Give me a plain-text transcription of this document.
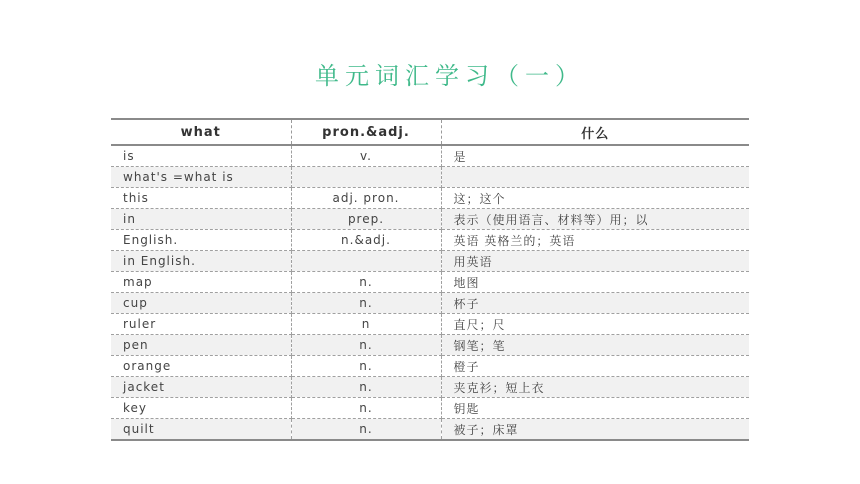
单元词汇学习（一）
what	pron.&adj.	什么
is	v.	是
what's =what is		
this	adj. pron.	这；这个
in	prep.	表示（使用语言、材料等）用；以
English.	n.&adj.	英语 英格兰的；英语
in English.		用英语
map	n.	地图
cup	n.	杯子
ruler	n	直尺；尺
pen	n.	钢笔；笔
orange	n.	橙子
jacket	n.	夹克衫；短上衣
key	n.	钥匙
quilt	n.	被子；床罩
